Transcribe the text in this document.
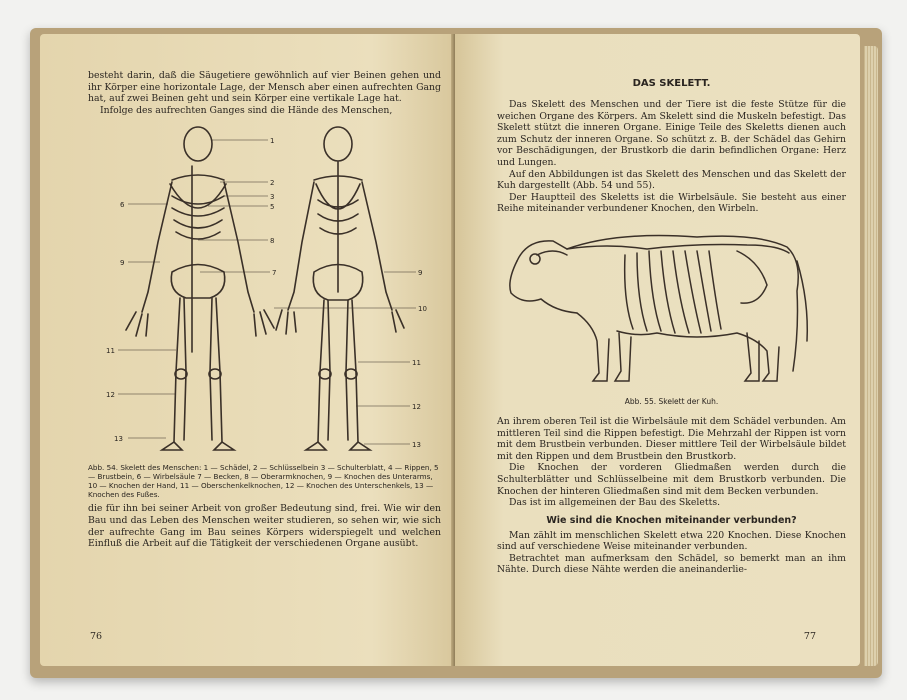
besteht darin, daß die Säugetiere gewöhnlich auf vier Beinen gehen und ihr Körper eine horizontale Lage, der Mensch aber einen aufrechten Gang hat, auf zwei Beinen geht und sein Körper eine vertikale Lage hat.

Infolge des aufrechten Ganges sind die Hände des Menschen,

1
2
3
5
6
8
7
9
9
10
11
11
12
12
13
13

Abb. 54. Skelett des Menschen: 1 — Schädel, 2 — Schlüsselbein 3 — Schulterblatt, 4 — Rippen, 5 — Brustbein, 6 — Wirbelsäule 7 — Becken, 8 — Oberarmknochen, 9 — Knochen des Unterarms, 10 — Knochen der Hand, 11 — Oberschenkelknochen, 12 — Knochen des Unterschenkels, 13 — Knochen des Fußes.

die für ihn bei seiner Arbeit von großer Bedeutung sind, frei. Wie wir den Bau und das Leben des Menschen weiter studieren, so sehen wir, wie sich der aufrechte Gang im Bau seines Körpers widerspiegelt und welchen Einfluß die Arbeit auf die Tätigkeit der verschiedenen Organe ausübt.

76

DAS SKELETT.

Das Skelett des Menschen und der Tiere ist die feste Stütze für die weichen Organe des Körpers. Am Skelett sind die Muskeln befestigt. Das Skelett stützt die inneren Organe. Einige Teile des Skeletts dienen auch zum Schutz der inneren Organe. So schützt z. B. der Schädel das Gehirn vor Beschädigungen, der Brustkorb die darin befindlichen Organe: Herz und Lungen.

Auf den Abbildungen ist das Skelett des Menschen und das Skelett der Kuh dargestellt (Abb. 54 und 55).

Der Hauptteil des Skeletts ist die Wirbelsäule. Sie besteht aus einer Reihe miteinander verbundener Knochen, den Wirbeln.

Abb. 55. Skelett der Kuh.

An ihrem oberen Teil ist die Wirbelsäule mit dem Schädel verbunden. Am mittleren Teil sind die Rippen befestigt. Die Mehrzahl der Rippen ist vorn mit dem Brustbein verbunden. Dieser mittlere Teil der Wirbelsäule bildet mit den Rippen und dem Brustbein den Brustkorb.

Die Knochen der vorderen Gliedmaßen werden durch die Schulterblätter und Schlüsselbeine mit dem Brustkorb verbunden. Die Knochen der hinteren Gliedmaßen sind mit dem Becken verbunden.

Das ist im allgemeinen der Bau des Skeletts.

Wie sind die Knochen miteinander verbunden?

Man zählt im menschlichen Skelett etwa 220 Knochen. Diese Knochen sind auf verschiedene Weise miteinander verbunden.

Betrachtet man aufmerksam den Schädel, so bemerkt man an ihm Nähte. Durch diese Nähte werden die aneinanderlie-

77
